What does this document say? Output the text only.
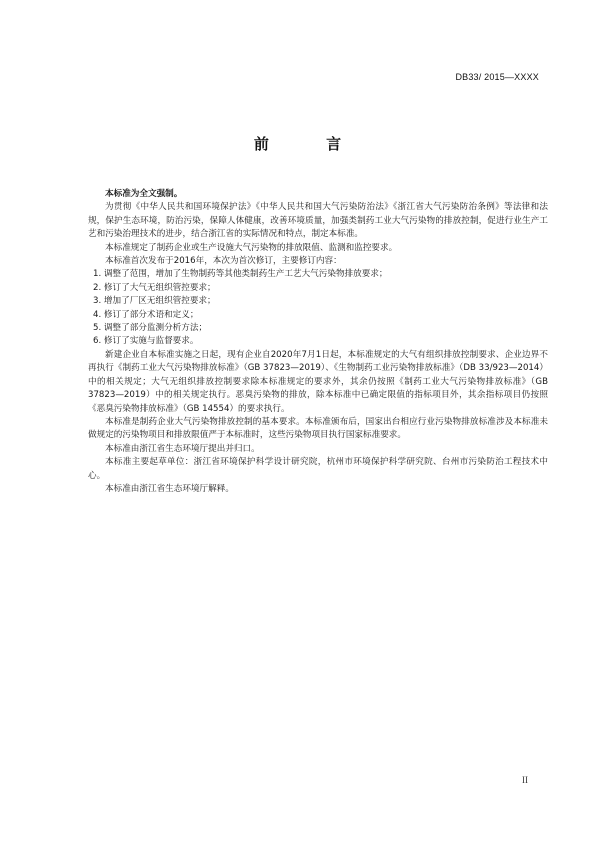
DB33/ 2015—XXXX
前 言

本标准为全文强制。

为贯彻《中华人民共和国环境保护法》《中华人民共和国大气污染防治法》《浙江省大气污染防治条例》等法律和法规，保护生态环境，防治污染，保障人体健康，改善环境质量，加强类制药工业大气污染物的排放控制，促进行业生产工艺和污染治理技术的进步，结合浙江省的实际情况和特点，制定本标准。

本标准规定了制药企业或生产设施大气污染物的排放限值、监测和监控要求。

本标准首次发布于2016年，本次为首次修订，主要修订内容：

1. 调整了范围，增加了生物制药等其他类制药生产工艺大气污染物排放要求；

2. 修订了大气无组织管控要求；

3. 增加了厂区无组织管控要求；

4. 修订了部分术语和定义；

5. 调整了部分监测分析方法；

6. 修订了实施与监督要求。

新建企业自本标准实施之日起，现有企业自2020年7月1日起，本标准规定的大气有组织排放控制要求、企业边界不再执行《制药工业大气污染物排放标准》（GB 37823—2019）、《生物制药工业污染物排放标准》（DB 33/923—2014）中的相关规定；大气无组织排放控制要求除本标准规定的要求外，其余仍按照《制药工业大气污染物排放标准》（GB 37823—2019）中的相关规定执行。恶臭污染物的排放，除本标准中已确定限值的指标项目外，其余指标项目仍按照《恶臭污染物排放标准》（GB 14554）的要求执行。

本标准是制药企业大气污染物排放控制的基本要求。本标准颁布后，国家出台相应行业污染物排放标准涉及本标准未做规定的污染物项目和排放限值严于本标准时，这些污染物项目执行国家标准要求。

本标准由浙江省生态环境厅提出并归口。

本标准主要起草单位：浙江省环境保护科学设计研究院，杭州市环境保护科学研究院、台州市污染防治工程技术中心。

本标准由浙江省生态环境厅解释。

II
